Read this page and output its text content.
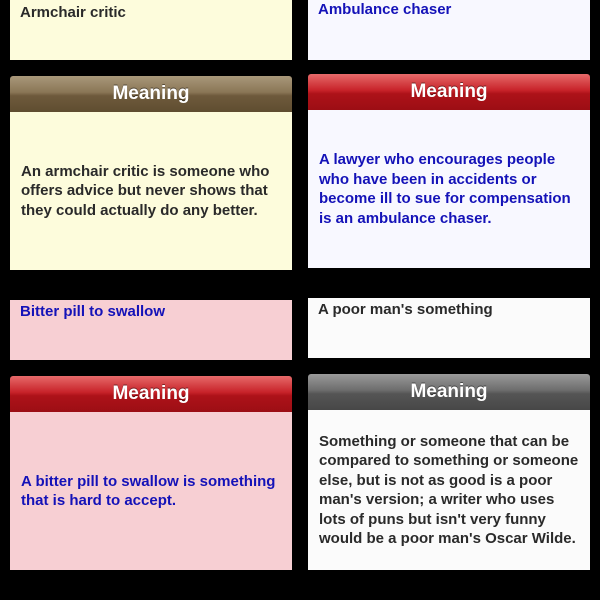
Armchair critic
Meaning
An armchair critic is someone who offers advice but never shows that they could actually do any better.
Ambulance chaser
Meaning
A lawyer who encourages people who have been in accidents or become ill to sue for compensation is an ambulance chaser.
Bitter pill to swallow
Meaning
A bitter pill to swallow is something that is hard to accept.
A poor man's something
Meaning
Something or someone that can be compared to something or someone else, but is not as good is a poor man's version; a writer who uses lots of puns but isn't very funny would be a poor man's Oscar Wilde.
